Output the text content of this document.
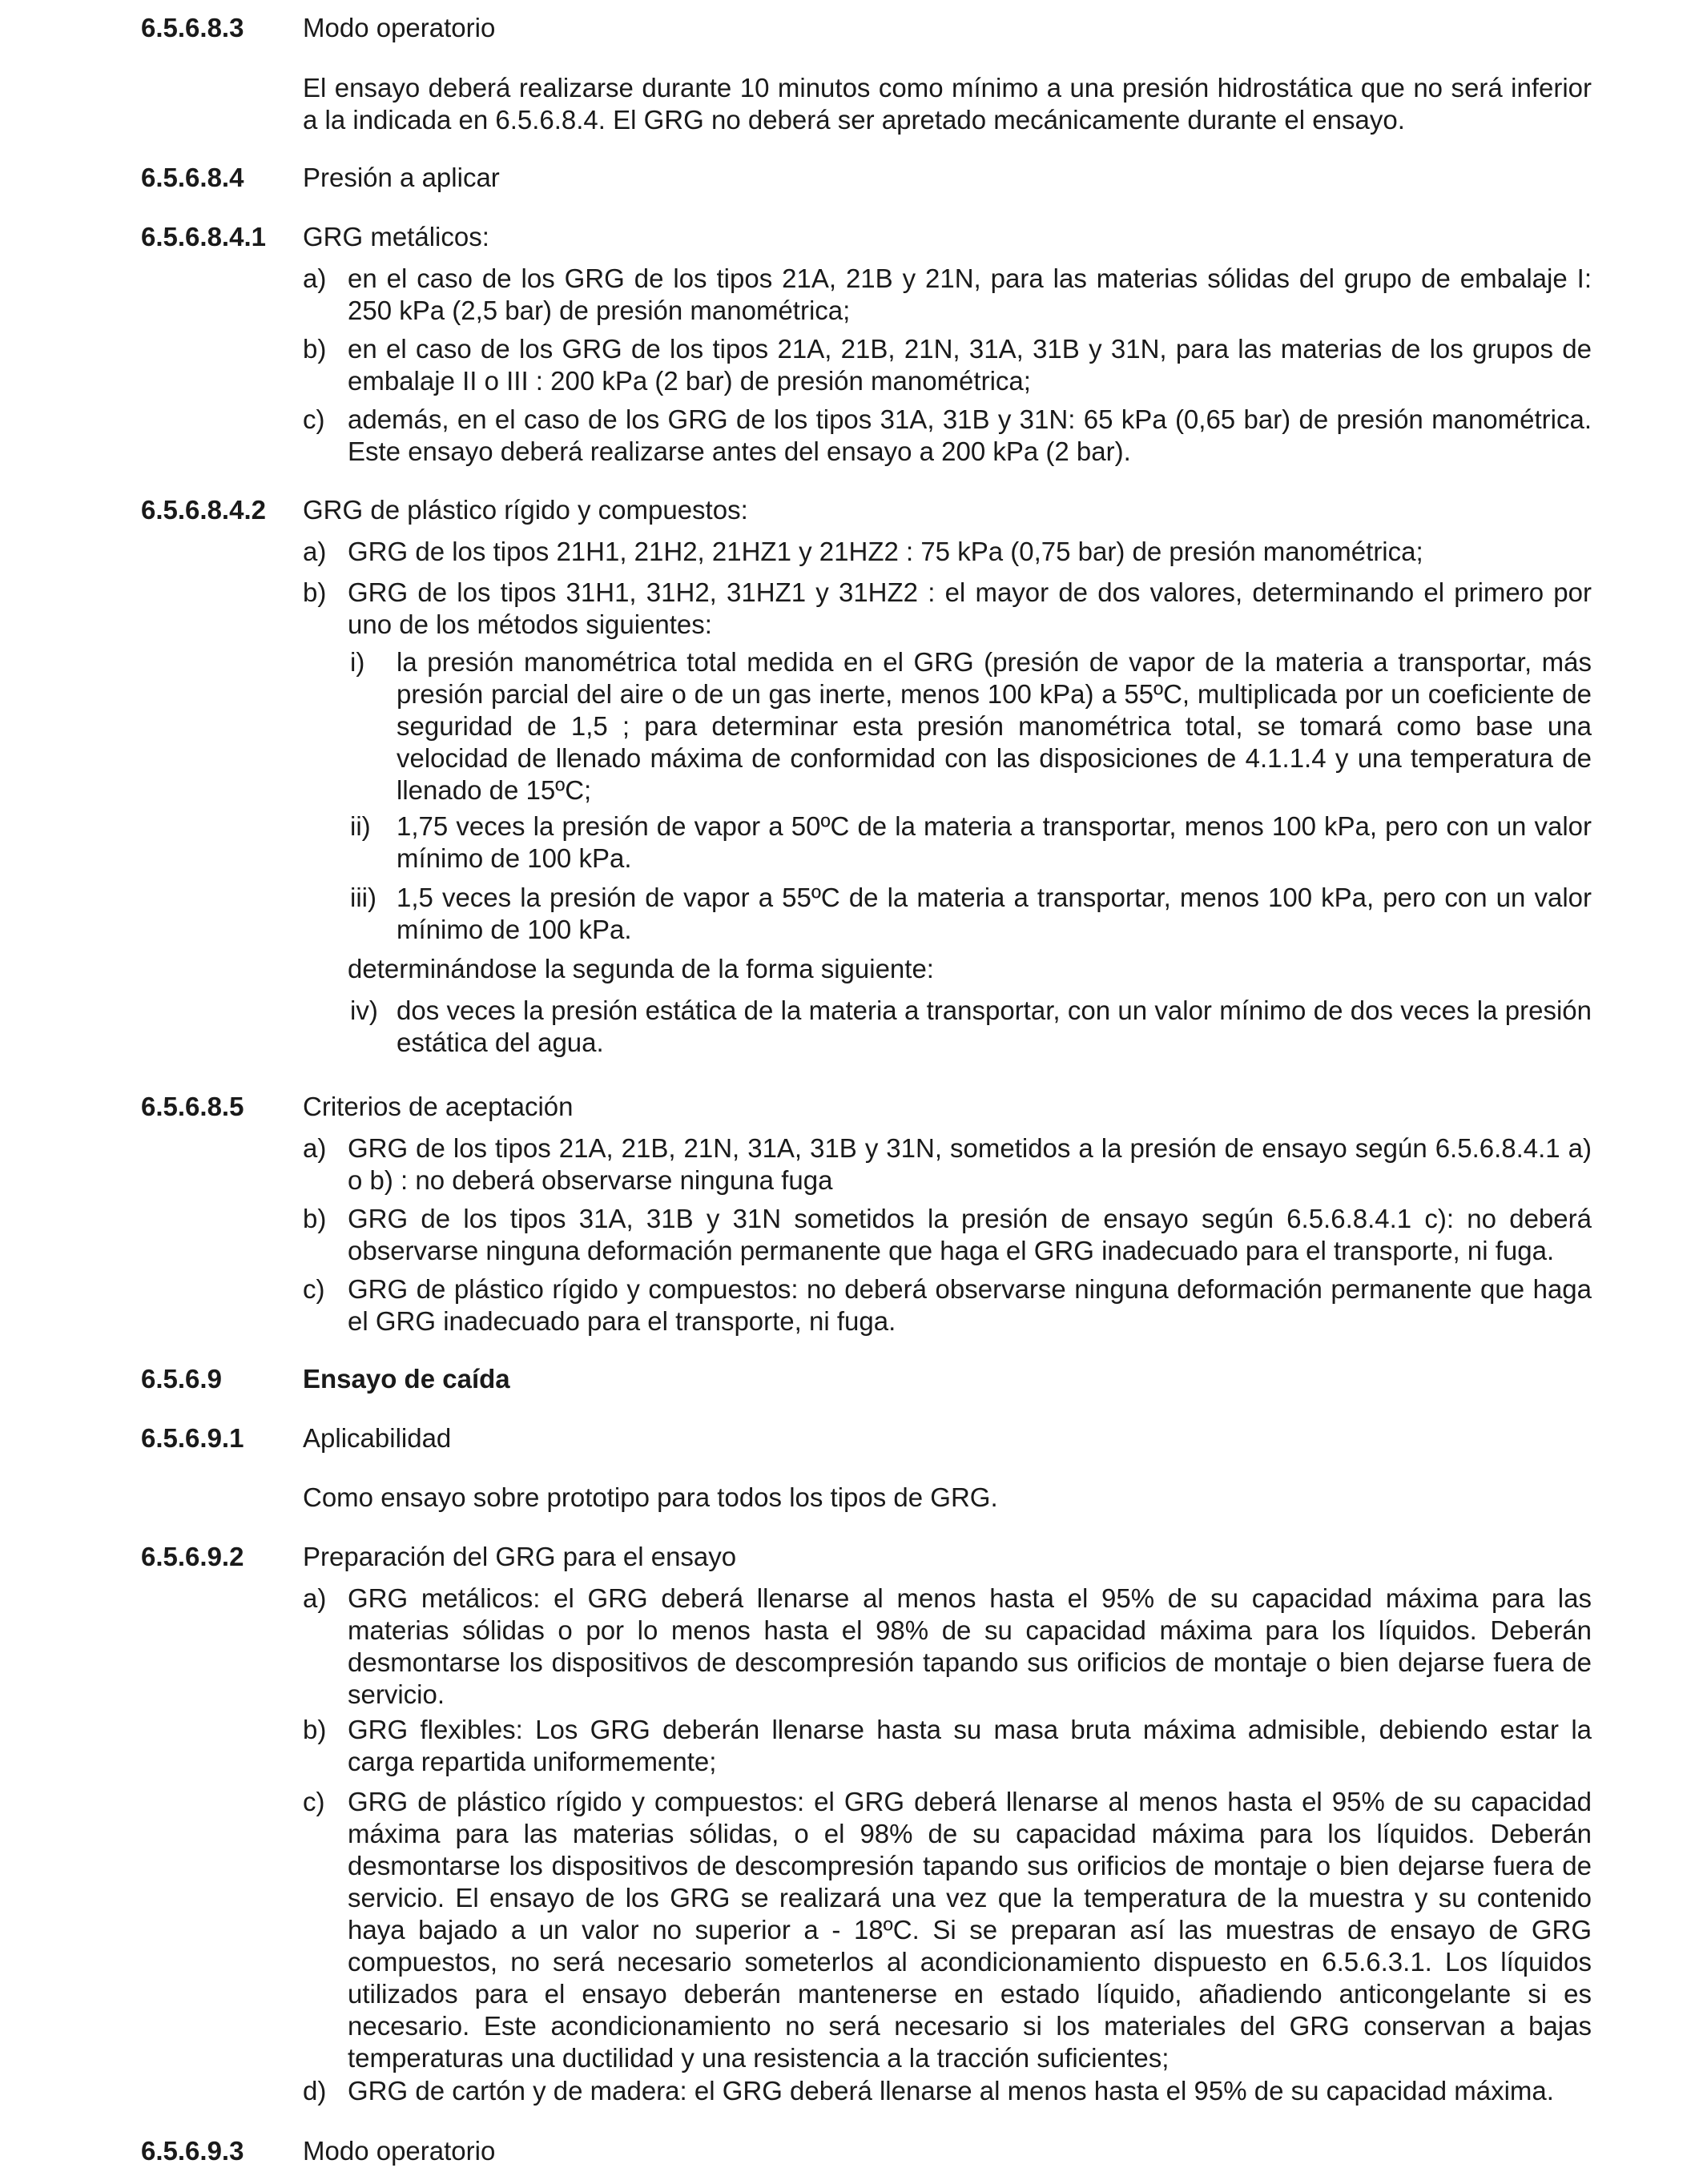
6.5.6.8.3 Modo operatorio
El ensayo deberá realizarse durante 10 minutos como mínimo a una presión hidrostática que no será inferior a la indicada en 6.5.6.8.4. El GRG no deberá ser apretado mecánicamente durante el ensayo.
6.5.6.8.4 Presión a aplicar
6.5.6.8.4.1 GRG metálicos:
a) en el caso de los GRG de los tipos 21A, 21B y 21N, para las materias sólidas del grupo de embalaje I: 250 kPa (2,5 bar) de presión manométrica;
b) en el caso de los GRG de los tipos 21A, 21B, 21N, 31A, 31B y 31N, para las materias de los grupos de embalaje II o III : 200 kPa (2 bar) de presión manométrica;
c) además, en el caso de los GRG de los tipos 31A, 31B y 31N: 65 kPa (0,65 bar) de presión manométrica. Este ensayo deberá realizarse antes del ensayo a 200 kPa (2 bar).
6.5.6.8.4.2 GRG de plástico rígido y compuestos:
a) GRG de los tipos 21H1, 21H2, 21HZ1 y 21HZ2 : 75 kPa (0,75 bar) de presión manométrica;
b) GRG de los tipos 31H1, 31H2, 31HZ1 y 31HZ2 : el mayor de dos valores, determinando el primero por uno de los métodos siguientes:
i) la presión manométrica total medida en el GRG (presión de vapor de la materia a transportar, más presión parcial del aire o de un gas inerte, menos 100 kPa) a 55ºC, multiplicada por un coeficiente de seguridad de 1,5 ; para determinar esta presión manométrica total, se tomará como base una velocidad de llenado máxima de conformidad con las disposiciones de 4.1.1.4 y una temperatura de llenado de 15ºC;
ii) 1,75 veces la presión de vapor a 50ºC de la materia a transportar, menos 100 kPa, pero con un valor mínimo de 100 kPa.
iii) 1,5 veces la presión de vapor a 55ºC de la materia a transportar, menos 100 kPa, pero con un valor mínimo de 100 kPa.
determinándose la segunda de la forma siguiente:
iv) dos veces la presión estática de la materia a transportar, con un valor mínimo de dos veces la presión estática del agua.
6.5.6.8.5 Criterios de aceptación
a) GRG de los tipos 21A, 21B, 21N, 31A, 31B y 31N, sometidos a la presión de ensayo según 6.5.6.8.4.1 a) o b) : no deberá observarse ninguna fuga
b) GRG de los tipos 31A, 31B y 31N sometidos la presión de ensayo según 6.5.6.8.4.1 c): no deberá observarse ninguna deformación permanente que haga el GRG inadecuado para el transporte, ni fuga.
c) GRG de plástico rígido y compuestos: no deberá observarse ninguna deformación permanente que haga el GRG inadecuado para el transporte, ni fuga.
6.5.6.9	Ensayo de caída
6.5.6.9.1 Aplicabilidad
Como ensayo sobre prototipo para todos los tipos de GRG.
6.5.6.9.2 Preparación del GRG para el ensayo
a) GRG metálicos: el GRG deberá llenarse al menos hasta el 95% de su capacidad máxima para las materias sólidas o por lo menos hasta el 98% de su capacidad máxima para los líquidos. Deberán desmontarse los dispositivos de descompresión tapando sus orificios de montaje o bien dejarse fuera de servicio.
b) GRG flexibles: Los GRG deberán llenarse hasta su masa bruta máxima admisible, debiendo estar la carga repartida uniformemente;
c) GRG de plástico rígido y compuestos: el GRG deberá llenarse al menos hasta el 95% de su capacidad máxima para las materias sólidas, o el 98% de su capacidad máxima para los líquidos. Deberán desmontarse los dispositivos de descompresión tapando sus orificios de montaje o bien dejarse fuera de servicio. El ensayo de los GRG se realizará una vez que la temperatura de la muestra y su contenido haya bajado a un valor no superior a - 18ºC. Si se preparan así las muestras de ensayo de GRG compuestos, no será necesario someterlos al acondicionamiento dispuesto en 6.5.6.3.1. Los líquidos utilizados para el ensayo deberán mantenerse en estado líquido, añadiendo anticongelante si es necesario. Este acondicionamiento no será necesario si los materiales del GRG conservan a bajas temperaturas una ductilidad y una resistencia a la tracción suficientes;
d) GRG de cartón y de madera: el GRG deberá llenarse al menos hasta el 95% de su capacidad máxima.
6.5.6.9.3 Modo operatorio
